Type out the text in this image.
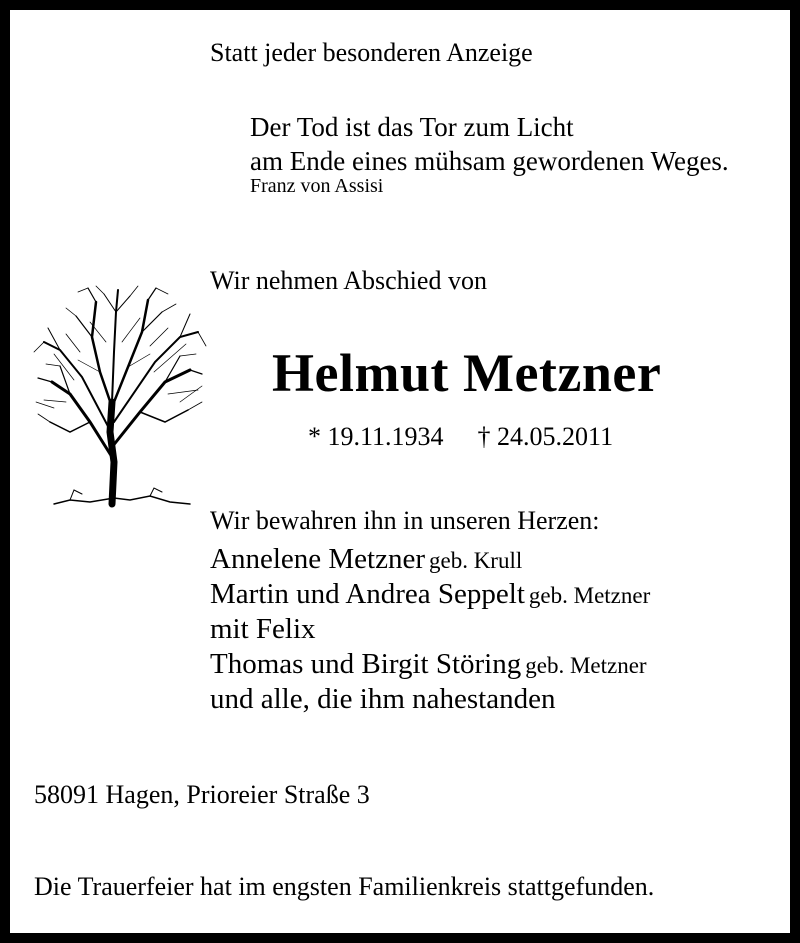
Statt jeder besonderen Anzeige
Der Tod ist das Tor zum Licht
am Ende eines mühsam gewordenen Weges.
Franz von Assisi
Wir nehmen Abschied von
Helmut Metzner
* 19.11.1934 † 24.05.2011
Wir bewahren ihn in unseren Herzen:
Annelene Metzner geb. Krull
Martin und Andrea Seppelt geb. Metzner
mit Felix
Thomas und Birgit Störing geb. Metzner
und alle, die ihm nahestanden
58091 Hagen, Prioreier Straße 3
Die Trauerfeier hat im engsten Familienkreis stattgefunden.
